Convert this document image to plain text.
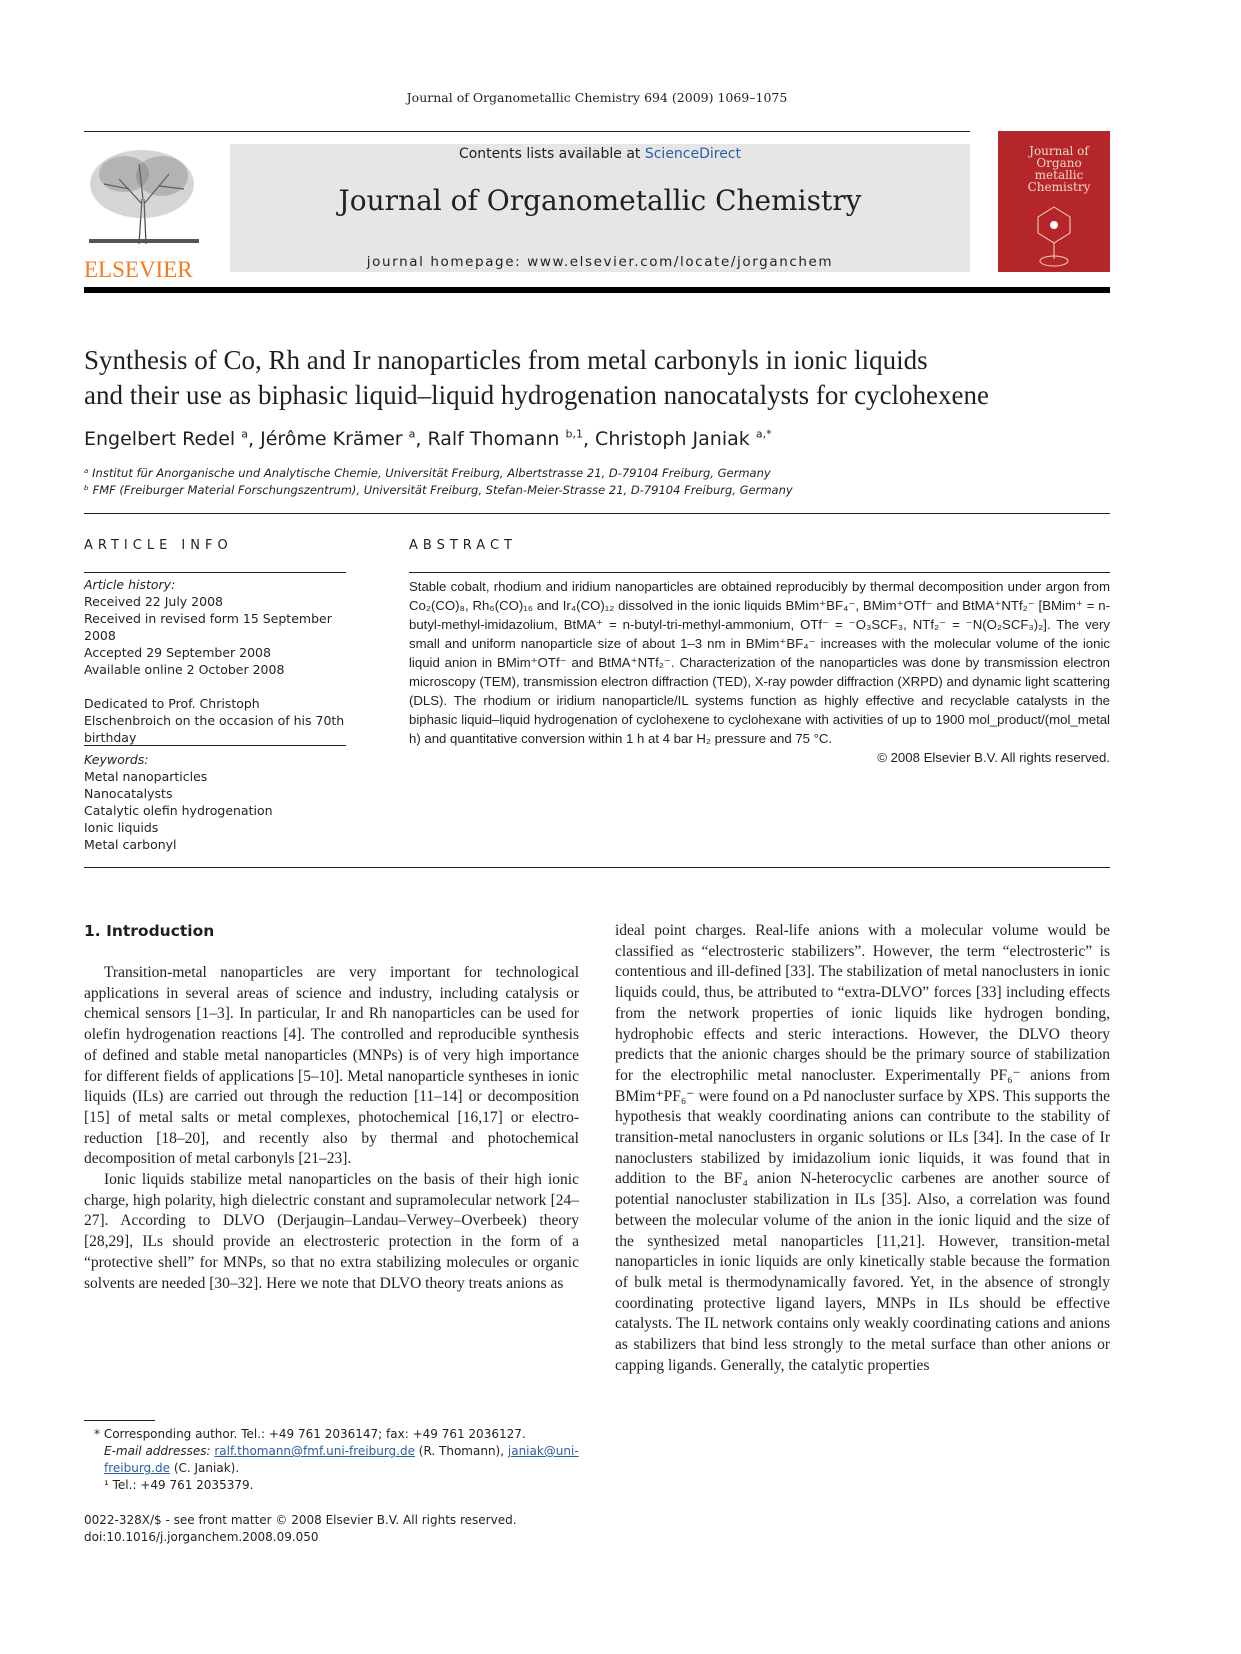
Journal of Organometallic Chemistry 694 (2009) 1069–1075
ELSEVIER
Contents lists available at ScienceDirect
Journal of Organometallic Chemistry
journal homepage: www.elsevier.com/locate/jorganchem
Journal of Organo metallic Chemistry
Synthesis of Co, Rh and Ir nanoparticles from metal carbonyls in ionic liquids
and their use as biphasic liquid–liquid hydrogenation nanocatalysts for cyclohexene
Engelbert Redel $^a$, Jérôme Krämer $^a$, Ralf Thomann $^{b,1}$, Christoph Janiak $^{a,*}$
ᵃ Institut für Anorganische und Analytische Chemie, Universität Freiburg, Albertstrasse 21, D-79104 Freiburg, Germany
ᵇ FMF (Freiburger Material Forschungszentrum), Universität Freiburg, Stefan-Meier-Strasse 21, D-79104 Freiburg, Germany
ARTICLE INFO
Article history:
Received 22 July 2008
Received in revised form 15 September 2008
Accepted 29 September 2008
Available online 2 October 2008
Dedicated to Prof. Christoph Elschenbroich on the occasion of his 70th birthday
Keywords:
Metal nanoparticles
Nanocatalysts
Catalytic olefin hydrogenation
Ionic liquids
Metal carbonyl
ABSTRACT
Stable cobalt, rhodium and iridium nanoparticles are obtained reproducibly by thermal decomposition under argon from Co₂(CO)₈, Rh₆(CO)₁₆ and Ir₄(CO)₁₂ dissolved in the ionic liquids BMim⁺BF₄⁻, BMim⁺OTf⁻ and BtMA⁺NTf₂⁻ [BMim⁺ = n-butyl-methyl-imidazolium, BtMA⁺ = n-butyl-tri-methyl-ammonium, OTf⁻ = ⁻O₃SCF₃, NTf₂⁻ = ⁻N(O₂SCF₃)₂]. The very small and uniform nanoparticle size of about 1–3 nm in BMim⁺BF₄⁻ increases with the molecular volume of the ionic liquid anion in BMim⁺OTf⁻ and BtMA⁺NTf₂⁻. Characterization of the nanoparticles was done by transmission electron microscopy (TEM), transmission electron diffraction (TED), X-ray powder diffraction (XRPD) and dynamic light scattering (DLS). The rhodium or iridium nanoparticle/IL systems function as highly effective and recyclable catalysts in the biphasic liquid–liquid hydrogenation of cyclohexene to cyclohexane with activities of up to 1900 mol_product/(mol_metal h) and quantitative conversion within 1 h at 4 bar H₂ pressure and 75 °C.
© 2008 Elsevier B.V. All rights reserved.
1. Introduction

Transition-metal nanoparticles are very important for technological applications in several areas of science and industry, including catalysis or chemical sensors [1–3]. In particular, Ir and Rh nanoparticles can be used for olefin hydrogenation reactions [4]. The controlled and reproducible synthesis of defined and stable metal nanoparticles (MNPs) is of very high importance for different fields of applications [5–10]. Metal nanoparticle syntheses in ionic liquids (ILs) are carried out through the reduction [11–14] or decomposition [15] of metal salts or metal complexes, photochemical [16,17] or electro-reduction [18–20], and recently also by thermal and photochemical decomposition of metal carbonyls [21–23].

Ionic liquids stabilize metal nanoparticles on the basis of their high ionic charge, high polarity, high dielectric constant and supramolecular network [24–27]. According to DLVO (Derjaugin–Landau–Verwey–Overbeek) theory [28,29], ILs should provide an electrosteric protection in the form of a “protective shell” for MNPs, so that no extra stabilizing molecules or organic solvents are needed [30–32]. Here we note that DLVO theory treats anions as

ideal point charges. Real-life anions with a molecular volume would be classified as “electrosteric stabilizers”. However, the term “electrosteric” is contentious and ill-defined [33]. The stabilization of metal nanoclusters in ionic liquids could, thus, be attributed to “extra-DLVO” forces [33] including effects from the network properties of ionic liquids like hydrogen bonding, hydrophobic effects and steric interactions. However, the DLVO theory predicts that the anionic charges should be the primary source of stabilization for the electrophilic metal nanocluster. Experimentally PF₆⁻ anions from BMim⁺PF₆⁻ were found on a Pd nanocluster surface by XPS. This supports the hypothesis that weakly coordinating anions can contribute to the stability of transition-metal nanoclusters in organic solutions or ILs [34]. In the case of Ir nanoclusters stabilized by imidazolium ionic liquids, it was found that in addition to the BF₄ anion N-heterocyclic carbenes are another source of potential nanocluster stabilization in ILs [35]. Also, a correlation was found between the molecular volume of the anion in the ionic liquid and the size of the synthesized metal nanoparticles [11,21]. However, transition-metal nanoparticles in ionic liquids are only kinetically stable because the formation of bulk metal is thermodynamically favored. Yet, in the absence of strongly coordinating protective ligand layers, MNPs in ILs should be effective catalysts. The IL network contains only weakly coordinating cations and anions as stabilizers that bind less strongly to the metal surface than other anions or capping ligands. Generally, the catalytic properties

* Corresponding author. Tel.: +49 761 2036147; fax: +49 761 2036127.
E-mail addresses: ralf.thomann@fmf.uni-freiburg.de (R. Thomann), janiak@uni-freiburg.de (C. Janiak).
¹ Tel.: +49 761 2035379.
0022-328X/$ - see front matter © 2008 Elsevier B.V. All rights reserved.
doi:10.1016/j.jorganchem.2008.09.050
